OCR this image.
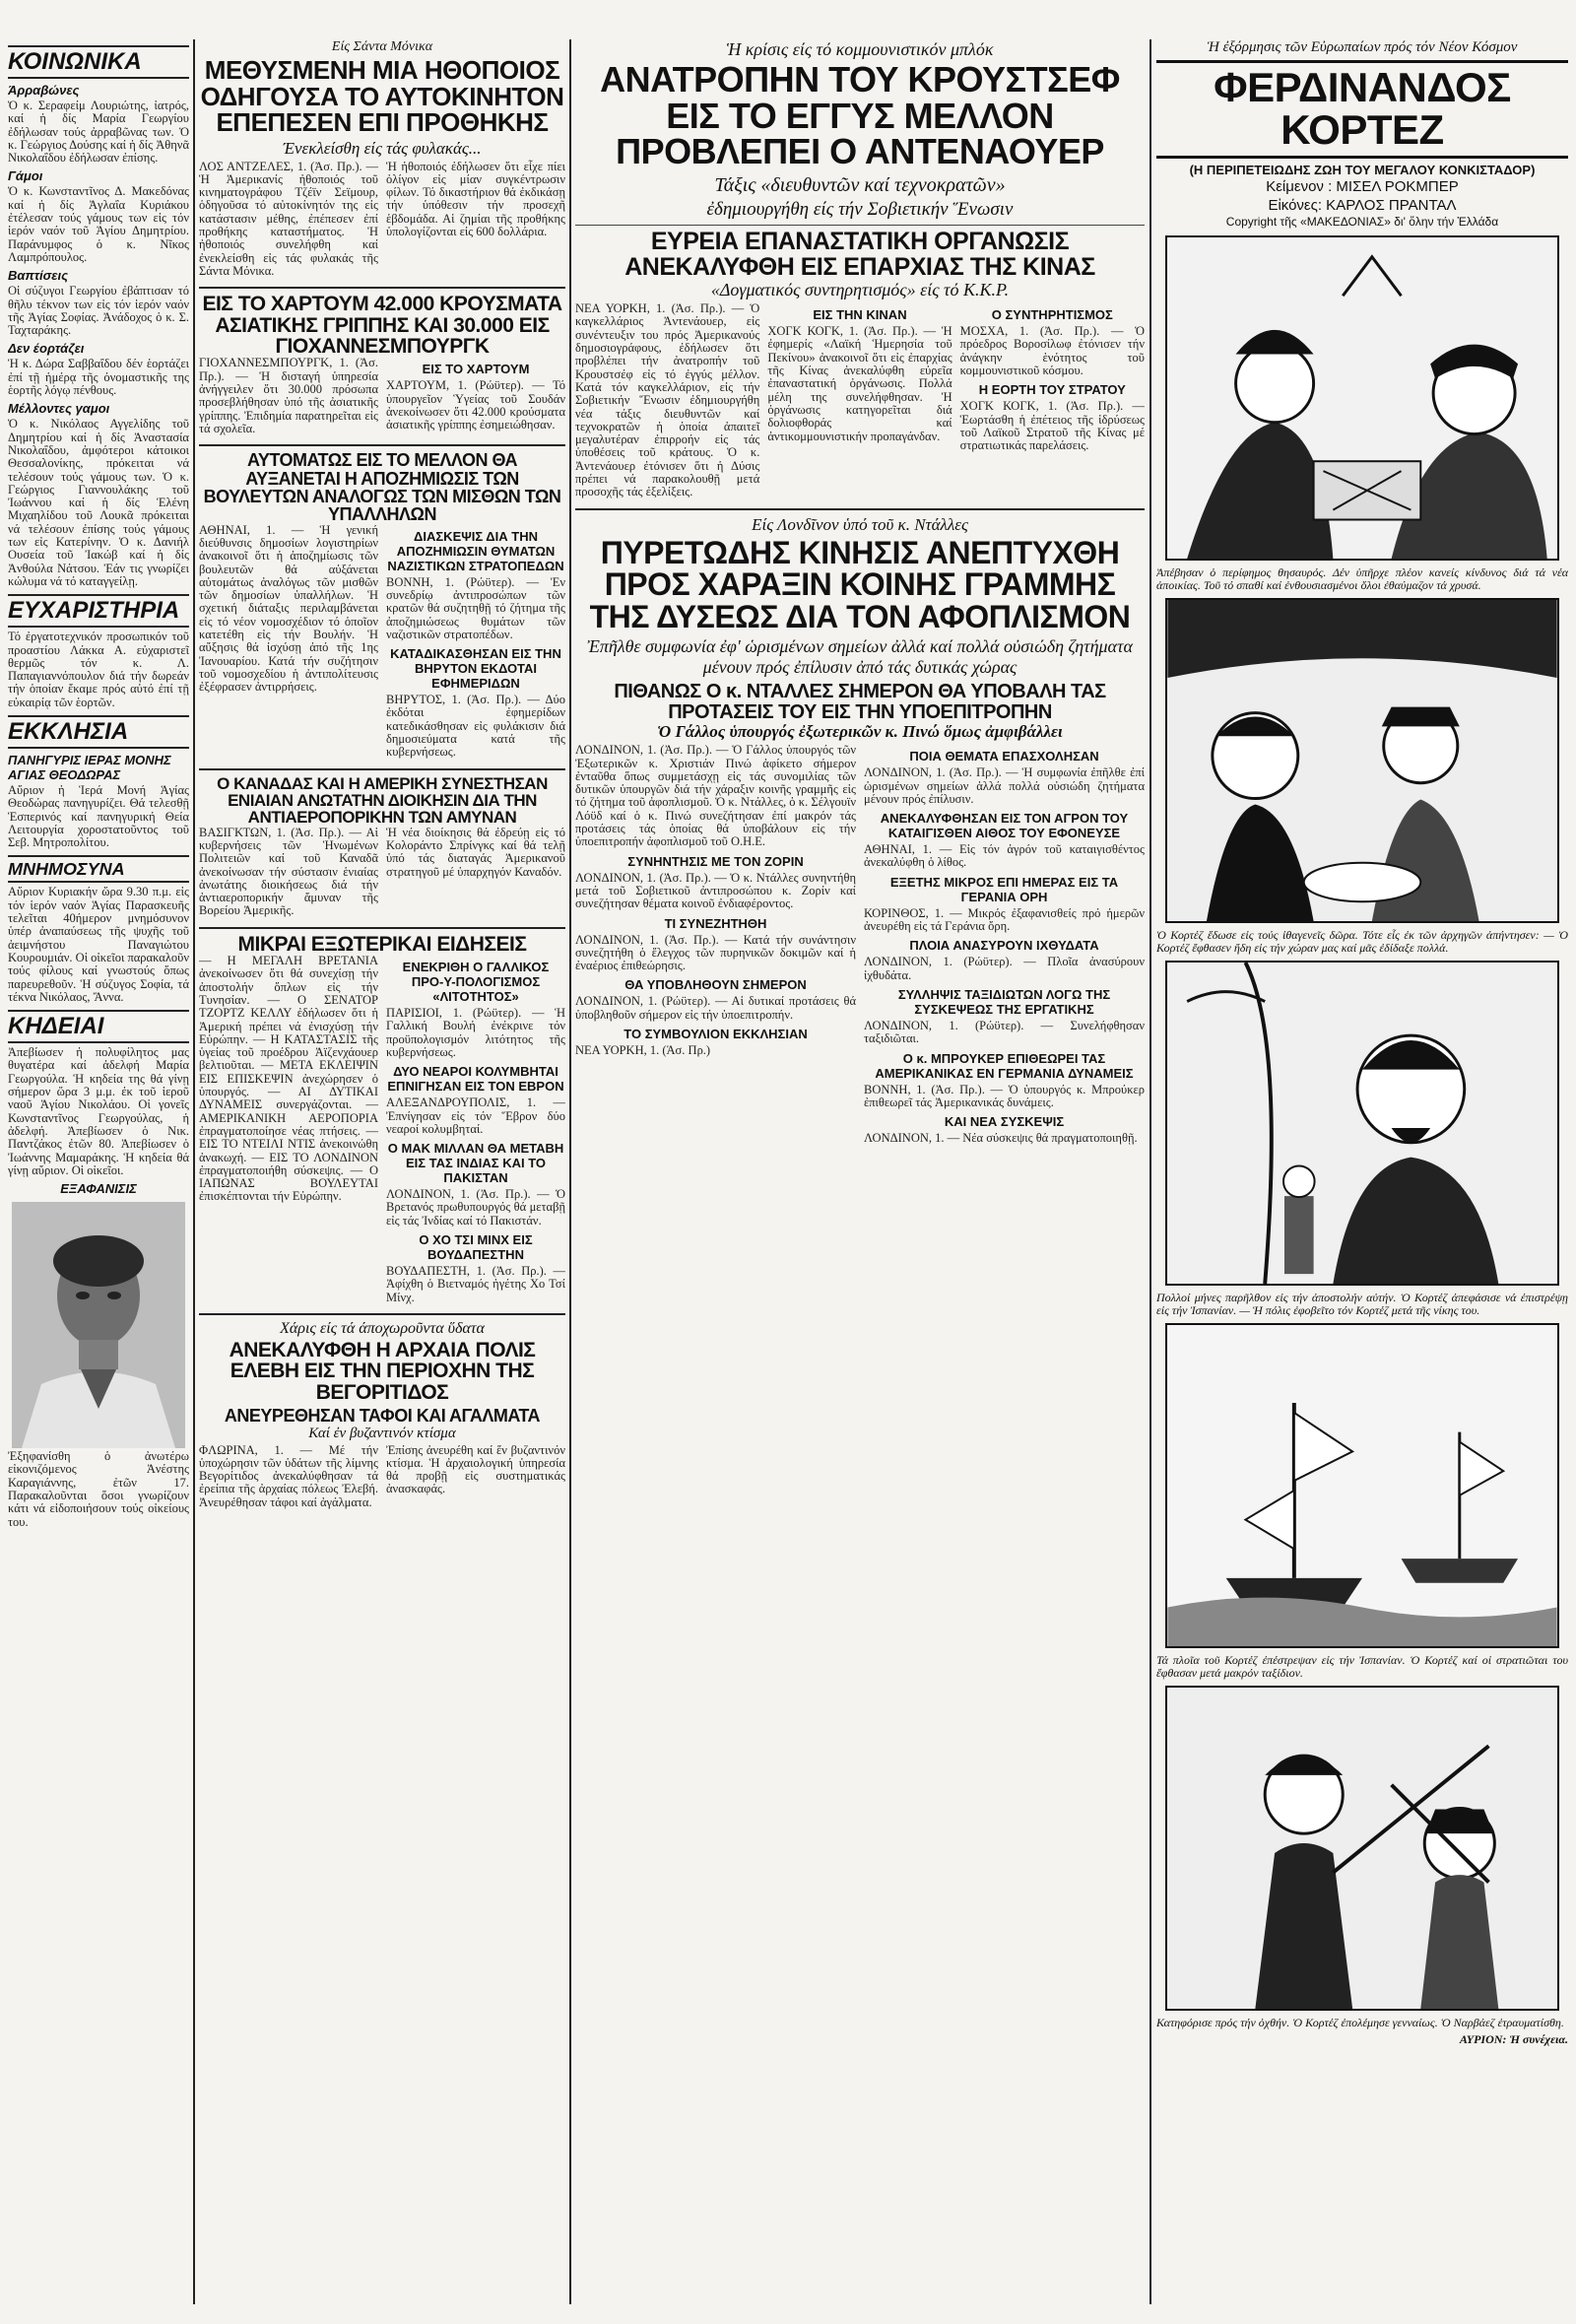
ΚΟΙΝΩΝΙΚΑ
Άρραβώνες
Ὁ κ. Σεραφείμ Λουριώτης, ἰατρός, καί ἡ δίς Μαρία Γεωργίου ἐδήλωσαν τούς ἀρραβῶνας των. Ὁ κ. Γεώργιος Δούσης καί ἡ δίς Ἀθηνᾶ Νικολαΐδου ἐδήλωσαν ἐπίσης.
Γάμοι
Ὁ κ. Κωνσταντῖνος Δ. Μακεδόνας καί ἡ δίς Ἀγλαΐα Κυριάκου ἐτέλεσαν τούς γάμους των εἰς τόν ἱερόν ναόν τοῦ Ἁγίου Δημητρίου. Παράνυμφος ὁ κ. Νῖκος Λαμπρόπουλος.
Βαπτίσεις
Οἱ σύζυγοι Γεωργίου ἐβάπτισαν τό θῆλυ τέκνον των εἰς τόν ἱερόν ναόν τῆς Ἁγίας Σοφίας. Ἀνάδοχος ὁ κ. Σ. Ταχταράκης.
Δεν έορτάζει
Ἡ κ. Δώρα Σαββαΐδου δέν ἑορτάζει ἐπί τῇ ἡμέρᾳ τῆς ὀνομαστικῆς της ἑορτῆς λόγῳ πένθους.
Μέλλοντες γαμοι
Ὁ κ. Νικόλαος Αγγελίδης τοῦ Δημητρίου καί ἡ δίς Ἀναστασία Νικολαΐδου, ἀμφότεροι κάτοικοι Θεσσαλονίκης, πρόκειται νά τελέσουν τούς γάμους των. Ὁ κ. Γεώργιος Γιαννουλάκης τοῦ Ἰωάννου καί ἡ δίς Ἑλένη Μιχαηλίδου τοῦ Λουκᾶ πρόκειται νά τελέσουν ἐπίσης τούς γάμους των εἰς Κατερίνην. Ὁ κ. Δανιήλ Ουσεία τοῦ Ἰακώβ καί ἡ δίς Ἀνθούλα Νάτσου. Ἐάν τις γνωρίζει κώλυμα νά τό καταγγείλῃ.
ΕΥΧΑΡΙΣΤΗΡΙΑ
Τό ἐργατοτεχνικόν προσωπικόν τοῦ προαστίου Λάκκα Α. εὐχαριστεῖ θερμῶς τόν κ. Λ. Παπαγιαννόπουλον διά τήν δωρεάν τήν ὁποίαν ἔκαμε πρός αὐτό ἐπί τῇ εὐκαιρίᾳ τῶν ἑορτῶν.
ΕΚΚΛΗΣΙΑ
ΠΑΝΗΓΥΡΙΣ ΙΕΡΑΣ ΜΟΝΗΣ ΑΓΙΑΣ ΘΕΟΔΩΡΑΣ
Αὔριον ἡ Ἱερά Μονή Ἁγίας Θεοδώρας πανηγυρίζει. Θά τελεσθῇ Ἑσπερινός καί πανηγυρική Θεία Λειτουργία χοροστατοῦντος τοῦ Σεβ. Μητροπολίτου.
ΜΝΗΜΟΣΥΝΑ
Αὔριον Κυριακήν ὥρα 9.30 π.μ. εἰς τόν ἱερόν ναόν Ἁγίας Παρασκευῆς τελεῖται 40ήμερον μνημόσυνον ὑπέρ ἀναπαύσεως τῆς ψυχῆς τοῦ ἀειμνήστου Παναγιώτου Κουρουμιάν. Οἱ οἰκεῖοι παρακαλοῦν τούς φίλους καί γνωστούς ὅπως παρευρεθοῦν. Ἡ σύζυγος Σοφία, τά τέκνα Νικόλαος, Ἄννα.
ΚΗΔΕΙΑΙ
Ἀπεβίωσεν ἡ πολυφίλητος μας θυγατέρα καί ἀδελφή Μαρία Γεωργούλα. Ἡ κηδεία της θά γίνῃ σήμερον ὥρα 3 μ.μ. ἐκ τοῦ ἱεροῦ ναοῦ Ἁγίου Νικολάου. Οἱ γονεῖς Κωνσταντῖνος Γεωργούλας, ἡ ἀδελφή. Ἀπεβίωσεν ὁ Νικ. Παντζάκος ἐτῶν 80. Ἀπεβίωσεν ὁ Ἰωάννης Μαμαράκης. Ἡ κηδεία θά γίνῃ αὔριον. Οἱ οἰκεῖοι.
ΕΞΑΦΑΝΙΣΙΣ
Ἐξηφανίσθη ὁ ἀνωτέρω εἰκονιζόμενος Ἀνέστης Καραγιάννης, ἐτῶν 17. Παρακαλοῦνται ὅσοι γνωρίζουν κάτι νά εἰδοποιήσουν τούς οἰκείους του.
Είς Σάντα Μόνικα
ΜΕΘΥΣΜΕΝΗ ΜΙΑ ΗΘΟΠΟΙΟΣ ΟΔΗΓΟΥΣΑ ΤΟ ΑΥΤΟΚΙΝΗΤΟΝ ΕΠΕΠΕΣΕΝ ΕΠΙ ΠΡΟΘΗΚΗΣ
Ένεκλείσθη είς τάς φυλακάς...
ΛΟΣ ΑΝΤΖΕΛΕΣ, 1. (Ἀσ. Πρ.). — Ἡ Ἀμερικανίς ἠθοποιός τοῦ κινηματογράφου Τζέϊν Σεϊμουρ, ὁδηγοῦσα τό αὐτοκίνητόν της εἰς κατάστασιν μέθης, ἐπέπεσεν ἐπί προθήκης καταστήματος. Ἡ ἠθοποιός συνελήφθη καί ἐνεκλείσθη εἰς τάς φυλακάς τῆς Σάντα Μόνικα.
Ἡ ἠθοποιός ἐδήλωσεν ὅτι εἶχε πίει ὀλίγον εἰς μίαν συγκέντρωσιν φίλων. Τό δικαστήριον θά ἐκδικάσῃ τήν ὑπόθεσιν τήν προσεχῆ ἑβδομάδα. Αἱ ζημίαι τῆς προθήκης ὑπολογίζονται εἰς 600 δολλάρια.
ΕΙΣ ΤΟ ΧΑΡΤΟΥΜ 42.000 ΚΡΟΥΣΜΑΤΑ ΑΣΙΑΤΙΚΗΣ ΓΡΙΠΠΗΣ ΚΑΙ 30.000 ΕΙΣ ΓΙΟΧΑΝΝΕΣΜΠΟΥΡΓΚ
ΓΙΟΧΑΝΝΕΣΜΠΟΥΡΓΚ, 1. (Ἀσ. Πρ.). — Ἡ δισταγή ὑπηρεσία ἀνήγγειλεν ὅτι 30.000 πρόσωπα προσεβλήθησαν ὑπό τῆς ἀσιατικῆς γρίππης. Ἐπιδημία παρατηρεῖται εἰς τά σχολεῖα.
ΕΙΣ ΤΟ ΧΑΡΤΟΥΜ
ΧΑΡΤΟΥΜ, 1. (Ρώϋτερ). — Τό ὑπουργεῖον Ὑγείας τοῦ Σουδάν ἀνεκοίνωσεν ὅτι 42.000 κρούσματα ἀσιατικῆς γρίππης ἐσημειώθησαν.
ΑΥΤΟΜΑΤΩΣ ΕΙΣ ΤΟ ΜΕΛΛΟΝ ΘΑ ΑΥΞΑΝΕΤΑΙ Η ΑΠΟΖΗΜΙΩΣΙΣ ΤΩΝ ΒΟΥΛΕΥΤΩΝ ΑΝΑΛΟΓΩΣ ΤΩΝ ΜΙΣΘΩΝ ΤΩΝ ΥΠΑΛΛΗΛΩΝ
ΑΘΗΝΑΙ, 1. — Ἡ γενική διεύθυνσις δημοσίων λογιστηρίων ἀνακοινοῖ ὅτι ἡ ἀποζημίωσις τῶν βουλευτῶν θά αὐξάνεται αὐτομάτως ἀναλόγως τῶν μισθῶν τῶν δημοσίων ὑπαλλήλων. Ἡ σχετική διάταξις περιλαμβάνεται εἰς τό νέον νομοσχέδιον τό ὁποῖον κατετέθη εἰς τήν Βουλήν. Ἡ αὔξησις θά ἰσχύσῃ ἀπό τῆς 1ης Ἰανουαρίου. Κατά τήν συζήτησιν τοῦ νομοσχεδίου ἡ ἀντιπολίτευσις ἐξέφρασεν ἀντιρρήσεις.
ΔΙΑΣΚΕΨΙΣ ΔΙΑ ΤΗΝ ΑΠΟΖΗΜΙΩΣΙΝ ΘΥΜΑΤΩΝ ΝΑΖΙΣΤΙΚΩΝ ΣΤΡΑΤΟΠΕΔΩΝ
ΒΟΝΝΗ, 1. (Ρώϋτερ). — Ἐν συνεδρίῳ ἀντιπροσώπων τῶν κρατῶν θά συζητηθῇ τό ζήτημα τῆς ἀποζημιώσεως θυμάτων τῶν ναζιστικῶν στρατοπέδων.
ΚΑΤΑΔΙΚΑΣΘΗΣΑΝ ΕΙΣ ΤΗΝ ΒΗΡΥΤΟΝ ΕΚΔΟΤΑΙ ΕΦΗΜΕΡΙΔΩΝ
ΒΗΡΥΤΟΣ, 1. (Ἀσ. Πρ.). — Δύο ἐκδόται ἐφημερίδων κατεδικάσθησαν εἰς φυλάκισιν διά δημοσιεύματα κατά τῆς κυβερνήσεως.
Ο ΚΑΝΑΔΑΣ ΚΑΙ Η ΑΜΕΡΙΚΗ ΣΥΝΕΣΤΗΣΑΝ ΕΝΙΑΙΑΝ ΑΝΩΤΑΤΗΝ ΔΙΟΙΚΗΣΙΝ ΔΙΑ ΤΗΝ ΑΝΤΙΑΕΡΟΠΟΡΙΚΗΝ ΤΩΝ ΑΜΥΝΑΝ
ΒΑΣΙΓΚΤΩΝ, 1. (Ἀσ. Πρ.). — Αἱ κυβερνήσεις τῶν Ἡνωμένων Πολιτειῶν καί τοῦ Καναδᾶ ἀνεκοίνωσαν τήν σύστασιν ἑνιαίας ἀνωτάτης διοικήσεως διά τήν ἀντιαεροπορικήν ἄμυναν τῆς Βορείου Ἀμερικῆς.
Ἡ νέα διοίκησις θά ἐδρεύῃ εἰς τό Κολοράντο Σπρίνγκς καί θά τελῇ ὑπό τάς διαταγάς Ἀμερικανοῦ στρατηγοῦ μέ ὑπαρχηγόν Καναδόν.
ΜΙΚΡΑΙ ΕΞΩΤΕΡΙΚΑΙ ΕΙΔΗΣΕΙΣ
— Η ΜΕΓΑΛΗ ΒΡΕΤΑΝΙΑ ἀνεκοίνωσεν ὅτι θά συνεχίσῃ τήν ἀποστολήν ὅπλων εἰς τήν Τυνησίαν. — Ο ΣΕΝΑΤΟΡ ΤΖΟΡΤΖ ΚΕΛΛΥ ἐδήλωσεν ὅτι ἡ Ἀμερική πρέπει νά ἐνισχύσῃ τήν Εὐρώπην. — Η ΚΑΤΑΣΤΑΣΙΣ τῆς ὑγείας τοῦ προέδρου Ἀϊζενχάουερ βελτιοῦται. — ΜΕΤΑ ΕΚΛΕΙΨΙΝ ΕΙΣ ΕΠΙΣΚΕΨΙΝ ἀνεχώρησεν ὁ ὑπουργός. — ΑΙ ΔΥΤΙΚΑΙ ΔΥΝΑΜΕΙΣ συνεργάζονται. — ΑΜΕΡΙΚΑΝΙΚΗ ΑΕΡΟΠΟΡΙΑ ἐπραγματοποίησε νέας πτήσεις. — ΕΙΣ ΤΟ ΝΤΕΙΛΙ ΝΤΙΣ ἀνεκοινώθη ἀνακωχή. — ΕΙΣ ΤΟ ΛΟΝΔΙΝΟΝ ἐπραγματοποιήθη σύσκεψις. — Ο ΙΑΠΩΝΑΣ ΒΟΥΛΕΥΤΑΙ ἐπισκέπτονται τήν Εὐρώπην.
ΕΝΕΚΡΙΘΗ Ο ΓΑΛΛΙΚΟΣ ΠΡΟ-Υ-ΠΟΛΟΓΙΣΜΟΣ «ΛΙΤΟΤΗΤΟΣ»
ΠΑΡΙΣΙΟΙ, 1. (Ρώϋτερ). — Ἡ Γαλλική Βουλή ἐνέκρινε τόν προϋπολογισμόν λιτότητος τῆς κυβερνήσεως.
ΔΥΟ ΝΕΑΡΟΙ ΚΟΛΥΜΒΗΤΑΙ ΕΠΝΙΓΗΣΑΝ ΕΙΣ ΤΟΝ ΕΒΡΟΝ
ΑΛΕΞΑΝΔΡΟΥΠΟΛΙΣ, 1. — Ἐπνίγησαν εἰς τόν Ἕβρον δύο νεαροί κολυμβηταί.
Ο ΜΑΚ ΜΙΛΛΑΝ ΘΑ ΜΕΤΑΒΗ ΕΙΣ ΤΑΣ ΙΝΔΙΑΣ ΚΑΙ ΤΟ ΠΑΚΙΣΤΑΝ
ΛΟΝΔΙΝΟΝ, 1. (Ἀσ. Πρ.). — Ὁ Βρετανός πρωθυπουργός θά μεταβῇ εἰς τάς Ἰνδίας καί τό Πακιστάν.
Ο ΧΟ ΤΣΙ ΜΙΝΧ ΕΙΣ ΒΟΥΔΑΠΕΣΤΗΝ
ΒΟΥΔΑΠΕΣΤΗ, 1. (Ἀσ. Πρ.). — Ἀφίχθη ὁ Βιετναμός ἡγέτης Χο Τσί Μίνχ.
Χάρις είς τά άποχωροῦντα ὕδατα
ΑΝΕΚΑΛΥΦΘΗ Η ΑΡΧΑΙΑ ΠΟΛΙΣ ΕΛΕΒΗ ΕΙΣ ΤΗΝ ΠΕΡΙΟΧΗΝ ΤΗΣ ΒΕΓΟΡΙΤΙΔΟΣ
ΑΝΕΥΡΕΘΗΣΑΝ ΤΑΦΟΙ ΚΑΙ ΑΓΑΛΜΑΤΑ
Καί ἐν βυζαντινόν κτίσμα
ΦΛΩΡΙΝΑ, 1. — Μέ τήν ὑποχώρησιν τῶν ὑδάτων τῆς λίμνης Βεγορίτιδος ἀνεκαλύφθησαν τά ἐρείπια τῆς ἀρχαίας πόλεως Ἐλεβή. Ἀνευρέθησαν τάφοι καί ἀγάλματα.
Ἐπίσης ἀνευρέθη καί ἕν βυζαντινόν κτίσμα. Ἡ ἀρχαιολογική ὑπηρεσία θά προβῇ εἰς συστηματικάς ἀνασκαφάς.
Ἡ κρίσις είς τό κομμουνιστικόν μπλόκ
ΑΝΑΤΡΟΠΗΝ ΤΟΥ ΚΡΟΥΣΤΣΕΦ ΕΙΣ ΤΟ ΕΓΓΥΣ ΜΕΛΛΟΝ ΠΡΟΒΛΕΠΕΙ Ο ΑΝΤΕΝΑΟΥΕΡ
Τάξις «διευθυντῶν καί τεχνοκρατῶν»
ἐδημιουργήθη είς τήν Σοβιετικήν Ἕνωσιν
ΕΥΡΕΙΑ ΕΠΑΝΑΣΤΑΤΙΚΗ ΟΡΓΑΝΩΣΙΣ ΑΝΕΚΑΛΥΦΘΗ ΕΙΣ ΕΠΑΡΧΙΑΣ ΤΗΣ ΚΙΝΑΣ
«Δογματικός συντηρητισμός» είς τό Κ.Κ.Ρ.
ΝΕΑ ΥΟΡΚΗ, 1. (Ἀσ. Πρ.). — Ὁ καγκελλάριος Ἀντενάουερ, εἰς συνέντευξιν του πρός Ἀμερικανούς δημοσιογράφους, ἐδήλωσεν ὅτι προβλέπει τήν ἀνατροπήν τοῦ Κρουστσέφ εἰς τό ἐγγύς μέλλον. Κατά τόν καγκελλάριον, εἰς τήν Σοβιετικήν Ἕνωσιν ἐδημιουργήθη νέα τάξις διευθυντῶν καί τεχνοκρατῶν ἡ ὁποία ἀπαιτεῖ μεγαλυτέραν ἐπιρροήν εἰς τάς ὑποθέσεις τοῦ κράτους. Ὁ κ. Ἀντενάουερ ἐτόνισεν ὅτι ἡ Δύσις πρέπει νά παρακολουθῇ μετά προσοχῆς τάς ἐξελίξεις.
ΕΙΣ ΤΗΝ ΚΙΝΑΝ
ΧΟΓΚ ΚΟΓΚ, 1. (Ἀσ. Πρ.). — Ἡ ἐφημερίς «Λαϊκή Ἡμερησία τοῦ Πεκίνου» ἀνακοινοῖ ὅτι εἰς ἐπαρχίας τῆς Κίνας ἀνεκαλύφθη εὐρεῖα ἐπαναστατική ὀργάνωσις. Πολλά μέλη της συνελήφθησαν. Ἡ ὀργάνωσις κατηγορεῖται διά δολιοφθοράς καί ἀντικομμουνιστικήν προπαγάνδαν.
Ο ΣΥΝΤΗΡΗΤΙΣΜΟΣ
ΜΟΣΧΑ, 1. (Ἀσ. Πρ.). — Ὁ πρόεδρος Βοροσίλωφ ἐτόνισεν τήν ἀνάγκην ἑνότητος τοῦ κομμουνιστικοῦ κόσμου.
Η ΕΟΡΤΗ ΤΟΥ ΣΤΡΑΤΟΥ
ΧΟΓΚ ΚΟΓΚ, 1. (Ἀσ. Πρ.). — Ἑωρτάσθη ἡ ἐπέτειος τῆς ἱδρύσεως τοῦ Λαϊκοῦ Στρατοῦ τῆς Κίνας μέ στρατιωτικάς παρελάσεις.
Είς Λονδῖνον ὑπό τοῦ κ. Ντάλλες
ΠΥΡΕΤΩΔΗΣ ΚΙΝΗΣΙΣ ΑΝΕΠΤΥΧΘΗ ΠΡΟΣ ΧΑΡΑΞΙΝ ΚΟΙΝΗΣ ΓΡΑΜΜΗΣ ΤΗΣ ΔΥΣΕΩΣ ΔΙΑ ΤΟΝ ΑΦΟΠΛΙΣΜΟΝ
Ἐπῆλθε συμφωνία ἐφ' ὡρισμένων σημείων ἀλλά καί πολλά οὐσιώδη ζητήματα μένουν πρός ἐπίλυσιν ἀπό τάς δυτικάς χώρας
ΠΙΘΑΝΩΣ Ο κ. ΝΤΑΛΛΕΣ ΣΗΜΕΡΟΝ ΘΑ ΥΠΟΒΑΛΗ ΤΑΣ ΠΡΟΤΑΣΕΙΣ ΤΟΥ ΕΙΣ ΤΗΝ ΥΠΟΕΠΙΤΡΟΠΗΝ
Ὁ Γάλλος ὑπουργός ἐξωτερικῶν κ. Πινώ ὅμως ἀμφιβάλλει
ΛΟΝΔΙΝΟΝ, 1. (Ἀσ. Πρ.). — Ὁ Γάλλος ὑπουργός τῶν Ἐξωτερικῶν κ. Χριστιάν Πινώ ἀφίκετο σήμερον ἐνταῦθα ὅπως συμμετάσχῃ εἰς τάς συνομιλίας τῶν δυτικῶν ὑπουργῶν διά τήν χάραξιν κοινῆς γραμμῆς εἰς τό ζήτημα τοῦ ἀφοπλισμοῦ. Ὁ κ. Ντάλλες, ὁ κ. Σέλγουϊν Λόϋδ καί ὁ κ. Πινώ συνεζήτησαν ἐπί μακρόν τάς προτάσεις τάς ὁποίας θά ὑποβάλουν εἰς τήν ὑποεπιτροπήν ἀφοπλισμοῦ τοῦ Ο.Η.Ε.
ΣΥΝΗΝΤΗΣΙΣ ΜΕ ΤΟΝ ΖΟΡΙΝ
ΛΟΝΔΙΝΟΝ, 1. (Ἀσ. Πρ.). — Ὁ κ. Ντάλλες συνηντήθη μετά τοῦ Σοβιετικοῦ ἀντιπροσώπου κ. Ζορίν καί συνεζήτησαν θέματα κοινοῦ ἐνδιαφέροντος.
ΤΙ ΣΥΝΕΖΗΤΗΘΗ
ΛΟΝΔΙΝΟΝ, 1. (Ἀσ. Πρ.). — Κατά τήν συνάντησιν συνεζητήθη ὁ ἔλεγχος τῶν πυρηνικῶν δοκιμῶν καί ἡ ἐναέριος ἐπιθεώρησις.
ΘΑ ΥΠΟΒΛΗΘΟΥΝ ΣΗΜΕΡΟΝ
ΛΟΝΔΙΝΟΝ, 1. (Ρώϋτερ). — Αἱ δυτικαί προτάσεις θά ὑποβληθοῦν σήμερον εἰς τήν ὑποεπιτροπήν.
ΤΟ ΣΥΜΒΟΥΛΙΟΝ ΕΚΚΛΗΣΙΑΝ
ΝΕΑ ΥΟΡΚΗ, 1. (Άσ. Πρ.)
ΠΟΙΑ ΘΕΜΑΤΑ ΕΠΑΣΧΟΛΗΣΑΝ
ΛΟΝΔΙΝΟΝ, 1. (Ἀσ. Πρ.). — Ἡ συμφωνία ἐπῆλθε ἐπί ὡρισμένων σημείων ἀλλά πολλά οὐσιώδη ζητήματα μένουν πρός ἐπίλυσιν.
ΑΝΕΚΑΛΥΦΘΗΣΑΝ ΕΙΣ ΤΟΝ ΑΓΡΟΝ ΤΟΥ ΚΑΤΑΙΓΙΣΘΕΝ ΑΙΘΟΣ ΤΟΥ ΕΦΟΝΕΥΣΕ
ΑΘΗΝΑΙ, 1. — Εἰς τόν ἀγρόν τοῦ καταιγισθέντος ἀνεκαλύφθη ὁ λίθος.
ΕΞΕΤΗΣ ΜΙΚΡΟΣ ΕΠΙ ΗΜΕΡΑΣ ΕΙΣ ΤΑ ΓΕΡΑΝΙΑ ΟΡΗ
ΚΟΡΙΝΘΟΣ, 1. — Μικρός ἐξαφανισθείς πρό ἡμερῶν ἀνευρέθη εἰς τά Γεράνια ὄρη.
ΠΛΟΙΑ ΑΝΑΣΥΡΟΥΝ ΙΧΘΥΔΑΤΑ
ΛΟΝΔΙΝΟΝ, 1. (Ρώϋτερ). — Πλοῖα ἀνασύρουν ἰχθυδάτα.
ΣΥΛΛΗΨΙΣ ΤΑΞΙΔΙΩΤΩΝ ΛΟΓΩ ΤΗΣ ΣΥΣΚΕΨΕΩΣ ΤΗΣ ΕΡΓΑΤΙΚΗΣ
ΛΟΝΔΙΝΟΝ, 1. (Ρώϋτερ). — Συνελήφθησαν ταξιδιῶται.
Ο κ. ΜΠΡΟΥΚΕΡ ΕΠΙΘΕΩΡΕΙ ΤΑΣ ΑΜΕΡΙΚΑΝΙΚΑΣ ΕΝ ΓΕΡΜΑΝΙΑ ΔΥΝΑΜΕΙΣ
ΒΟΝΝΗ, 1. (Ἀσ. Πρ.). — Ὁ ὑπουργός κ. Μπρούκερ ἐπιθεωρεῖ τάς Ἀμερικανικάς δυνάμεις.
ΚΑΙ ΝΕΑ ΣΥΣΚΕΨΙΣ
ΛΟΝΔΙΝΟΝ, 1. — Νέα σύσκεψις θά πραγματοποιηθῇ.
Ἡ ἐξόρμησις τῶν Εὐρωπαίων πρός τόν Νέον Κόσμον
ΦΕΡΔΙΝΑΝΔΟΣ ΚΟΡΤΕΖ
(Η ΠΕΡΙΠΕΤΕΙΩΔΗΣ ΖΩΗ ΤΟΥ ΜΕΓΑΛΟΥ ΚΟΝΚΙΣΤΑΔΟΡ)
Κείμενον : ΜΙΣΕΛ ΡΟΚΜΠΕΡ
Εἰκόνες: ΚΑΡΛΟΣ ΠΡΑΝΤΑΛ
Copyright τῆς «ΜΑΚΕΔΟΝΙΑΣ» δι' ὅλην τήν Ἑλλάδα
Ἀπέβησαν ὁ περίφημος θησαυρός. Δέν ὑπῆρχε πλέον κανείς κίνδυνος διά τά νέα ἀποικίας. Τοῦ τό σπαθί καί ἐνθουσιασμένοι ὅλοι ἐθαύμαζον τά χρυσά.
Ὁ Κορτέζ ἔδωσε εἰς τούς ἰθαγενεῖς δῶρα. Τότε εἷς ἐκ τῶν ἀρχηγῶν ἀπήντησεν: — Ὁ Κορτέζ ἔφθασεν ἤδη εἰς τήν χώραν μας καί μᾶς ἐδίδαξε πολλά.
Πολλοί μήνες παρῆλθον εἰς τήν ἀποστολήν αὐτήν. Ὁ Κορτέζ ἀπεφάσισε νά ἐπιστρέψῃ εἰς τήν Ἰσπανίαν. — Ἡ πόλις ἐφοβεῖτο τόν Κορτέζ μετά τῆς νίκης του.
Τά πλοῖα τοῦ Κορτέζ ἐπέστρεψαν εἰς τήν Ἰσπανίαν. Ὁ Κορτέζ καί οἱ στρατιῶται του ἔφθασαν μετά μακρόν ταξίδιον.
Κατηφόρισε πρός τήν ὀχθήν. Ὁ Κορτέζ ἐπολέμησε γενναίως. Ὁ Ναρβάεζ ἐτραυματίσθη.
ΑΥΡΙΟΝ: Ἡ συνέχεια.
